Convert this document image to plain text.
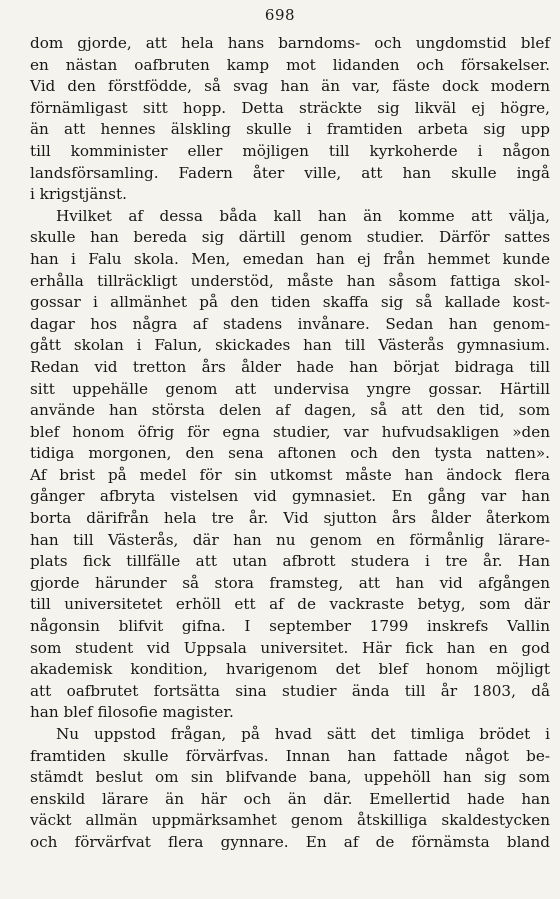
698
dom gjorde, att hela hans barndoms- och ungdomstid blef
en nästan oafbruten kamp mot lidanden och försakelser.
Vid den förstfödde, så svag han än var, fäste dock modern
förnämligast sitt hopp. Detta sträckte sig likväl ej högre,
än att hennes älskling skulle i framtiden arbeta sig upp
till komminister eller möjligen till kyrkoherde i någon
landsförsamling. Fadern åter ville, att han skulle ingå
i krigstjänst.
Hvilket af dessa båda kall han än komme att välja,
skulle han bereda sig därtill genom studier. Därför sattes
han i Falu skola. Men, emedan han ej från hemmet kunde
erhålla tillräckligt understöd, måste han såsom fattiga skol-
gossar i allmänhet på den tiden skaffa sig så kallade kost-
dagar hos några af stadens invånare. Sedan han genom-
gått skolan i Falun, skickades han till Västerås gymnasium.
Redan vid tretton års ålder hade han börjat bidraga till
sitt uppehälle genom att undervisa yngre gossar. Härtill
använde han största delen af dagen, så att den tid, som
blef honom öfrig för egna studier, var hufvudsakligen »den
tidiga morgonen, den sena aftonen och den tysta natten».
Af brist på medel för sin utkomst måste han ändock flera
gånger afbryta vistelsen vid gymnasiet. En gång var han
borta därifrån hela tre år. Vid sjutton års ålder återkom
han till Västerås, där han nu genom en förmånlig lärare-
plats fick tillfälle att utan afbrott studera i tre år. Han
gjorde härunder så stora framsteg, att han vid afgången
till universitetet erhöll ett af de vackraste betyg, som där
någonsin blifvit gifna. I september 1799 inskrefs Vallin
som student vid Uppsala universitet. Här fick han en god
akademisk kondition, hvarigenom det blef honom möjligt
att oafbrutet fortsätta sina studier ända till år 1803, då
han blef filosofie magister.
Nu uppstod frågan, på hvad sätt det timliga brödet i
framtiden skulle förvärfvas. Innan han fattade något be-
stämdt beslut om sin blifvande bana, uppehöll han sig som
enskild lärare än här och än där. Emellertid hade han
väckt allmän uppmärksamhet genom åtskilliga skaldestycken
och förvärfvat flera gynnare. En af de förnämsta bland
